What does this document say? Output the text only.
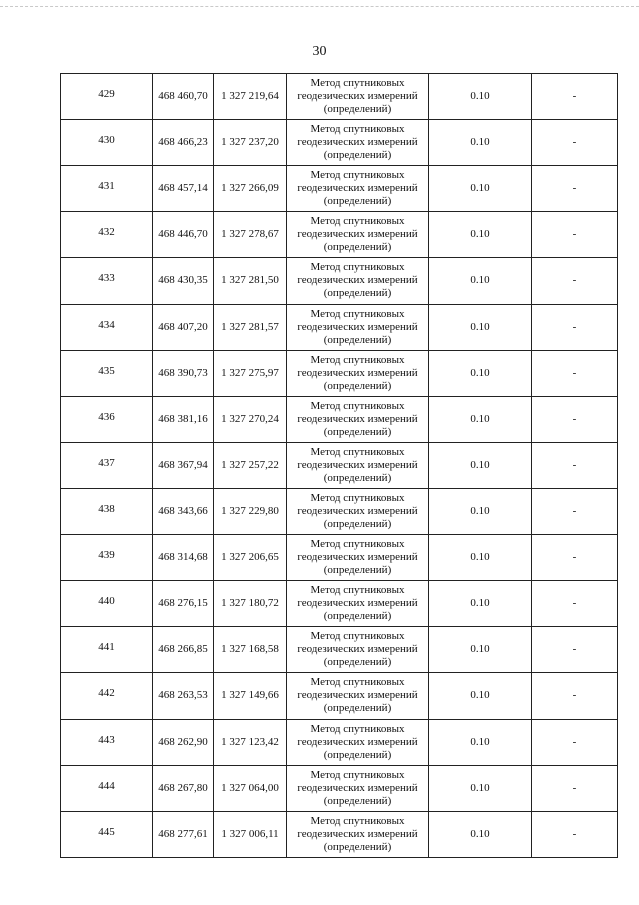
30
429	468 460,70	1 327 219,64	Метод спутниковых
геодезических измерений
(определений)	0.10	-
430	468 466,23	1 327 237,20	Метод спутниковых
геодезических измерений
(определений)	0.10	-
431	468 457,14	1 327 266,09	Метод спутниковых
геодезических измерений
(определений)	0.10	-
432	468 446,70	1 327 278,67	Метод спутниковых
геодезических измерений
(определений)	0.10	-
433	468 430,35	1 327 281,50	Метод спутниковых
геодезических измерений
(определений)	0.10	-
434	468 407,20	1 327 281,57	Метод спутниковых
геодезических измерений
(определений)	0.10	-
435	468 390,73	1 327 275,97	Метод спутниковых
геодезических измерений
(определений)	0.10	-
436	468 381,16	1 327 270,24	Метод спутниковых
геодезических измерений
(определений)	0.10	-
437	468 367,94	1 327 257,22	Метод спутниковых
геодезических измерений
(определений)	0.10	-
438	468 343,66	1 327 229,80	Метод спутниковых
геодезических измерений
(определений)	0.10	-
439	468 314,68	1 327 206,65	Метод спутниковых
геодезических измерений
(определений)	0.10	-
440	468 276,15	1 327 180,72	Метод спутниковых
геодезических измерений
(определений)	0.10	-
441	468 266,85	1 327 168,58	Метод спутниковых
геодезических измерений
(определений)	0.10	-
442	468 263,53	1 327 149,66	Метод спутниковых
геодезических измерений
(определений)	0.10	-
443	468 262,90	1 327 123,42	Метод спутниковых
геодезических измерений
(определений)	0.10	-
444	468 267,80	1 327 064,00	Метод спутниковых
геодезических измерений
(определений)	0.10	-
445	468 277,61	1 327 006,11	Метод спутниковых
геодезических измерений
(определений)	0.10	-
